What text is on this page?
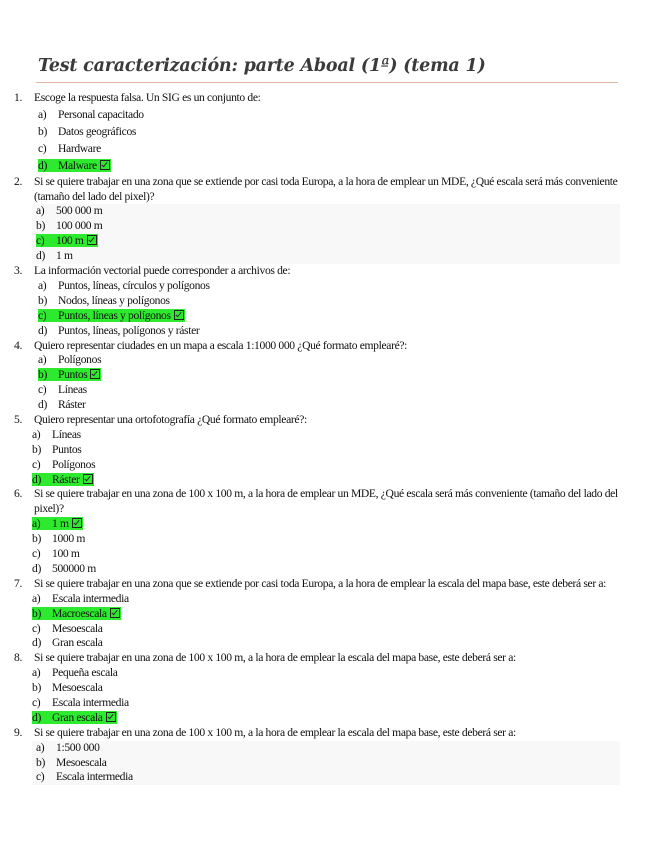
Test caracterización: parte Aboal (1ª) (tema 1)
1.	Escoge la respuesta falsa. Un SIG es un conjunto de:
a) Personal capacitado
b) Datos geográficos
c) Hardware
d) Malware
2.	Si se quiere trabajar en una zona que se extiende por casi toda Europa, a la hora de emplear un MDE, ¿Qué escala será más conveniente (tamaño del lado del pixel)?
a) 500 000 m
b) 100 000 m
c) 100 m
d) 1 m
3.	La información vectorial puede corresponder a archivos de:
a) Puntos, líneas, círculos y polígonos
b) Nodos, líneas y polígonos
c) Puntos, líneas y polígonos
d) Puntos, líneas, polígonos y ráster
4.	Quiero representar ciudades en un mapa a escala 1:1000 000 ¿Qué formato emplearé?:
a) Polígonos
b) Puntos
c) Líneas
d) Ráster
5.	Quiero representar una ortofotografía ¿Qué formato emplearé?:
a) Líneas
b) Puntos
c) Polígonos
d) Ráster
6.	Si se quiere trabajar en una zona de 100 x 100 m, a la hora de emplear un MDE, ¿Qué escala será más conveniente (tamaño del lado del pixel)?
a) 1 m
b) 1000 m
c) 100 m
d) 500000 m
7.	Si se quiere trabajar en una zona que se extiende por casi toda Europa, a la hora de emplear la escala del mapa base, este deberá ser a:
a) Escala intermedia
b) Macroescala
c) Mesoescala
d) Gran escala
8.	Si se quiere trabajar en una zona de 100 x 100 m, a la hora de emplear la escala del mapa base, este deberá ser a:
a) Pequeña escala
b) Mesoescala
c) Escala intermedia
d) Gran escala
9.	Si se quiere trabajar en una zona de 100 x 100 m, a la hora de emplear la escala del mapa base, este deberá ser a:
a) 1:500 000
b) Mesoescala
c) Escala intermedia
